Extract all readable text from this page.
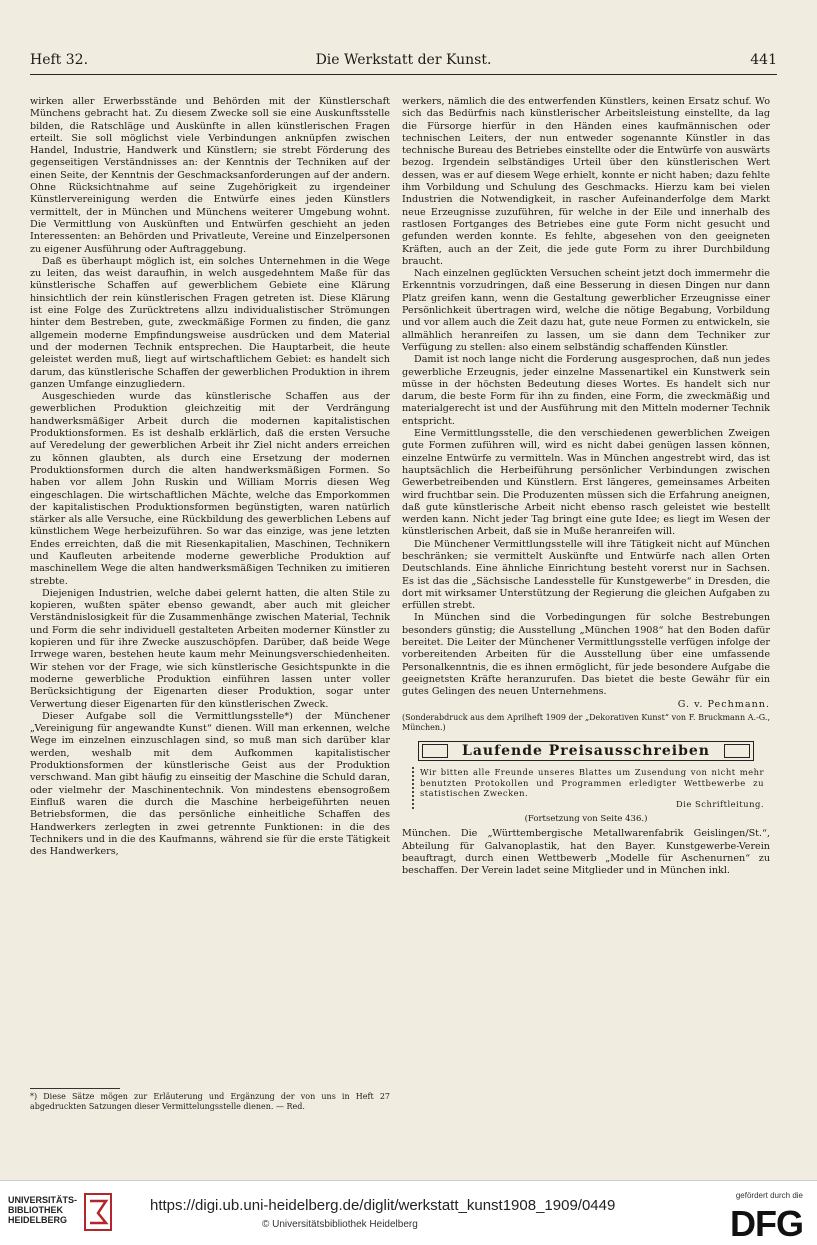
Heft 32.	Die Werkstatt der Kunst.	441

wirken aller Erwerbsstände und Behörden mit der Künstlerschaft Münchens gebracht hat. Zu diesem Zwecke soll sie eine Auskunftsstelle bilden, die Ratschläge und Auskünfte in allen künstlerischen Fragen erteilt. Sie soll möglichst viele Verbindungen anknüpfen zwischen Handel, Industrie, Handwerk und Künstlern; sie strebt Förderung des gegenseitigen Verständnisses an: der Kenntnis der Techniken auf der einen Seite, der Kenntnis der Geschmacksanforderungen auf der andern. Ohne Rücksichtnahme auf seine Zugehörigkeit zu irgendeiner Künstlervereinigung werden die Entwürfe eines jeden Künstlers vermittelt, der in München und Münchens weiterer Umgebung wohnt. Die Vermittlung von Auskünften und Entwürfen geschieht an jeden Interessenten: an Behörden und Privatleute, Vereine und Einzelpersonen zu eigener Ausführung oder Auftraggebung.

Daß es überhaupt möglich ist, ein solches Unternehmen in die Wege zu leiten, das weist daraufhin, in welch ausgedehntem Maße für das künstlerische Schaffen auf gewerblichem Gebiete eine Klärung hinsichtlich der rein künstlerischen Fragen getreten ist. Diese Klärung ist eine Folge des Zurücktretens allzu individualistischer Strömungen hinter dem Bestreben, gute, zweckmäßige Formen zu finden, die ganz allgemein moderne Empfindungsweise ausdrücken und dem Material und der modernen Technik entsprechen. Die Hauptarbeit, die heute geleistet werden muß, liegt auf wirtschaftlichem Gebiet: es handelt sich darum, das künstlerische Schaffen der gewerblichen Produktion in ihrem ganzen Umfange einzugliedern.

Ausgeschieden wurde das künstlerische Schaffen aus der gewerblichen Produktion gleichzeitig mit der Verdrängung handwerksmäßiger Arbeit durch die modernen kapitalistischen Produktionsformen. Es ist deshalb erklärlich, daß die ersten Versuche auf Veredelung der gewerblichen Arbeit ihr Ziel nicht anders erreichen zu können glaubten, als durch eine Ersetzung der modernen Produktionsformen durch die alten handwerksmäßigen Formen. So haben vor allem John Ruskin und William Morris diesen Weg eingeschlagen. Die wirtschaftlichen Mächte, welche das Emporkommen der kapitalistischen Produktionsformen begünstigten, waren natürlich stärker als alle Versuche, eine Rückbildung des gewerblichen Lebens auf künstlichem Wege herbeizuführen. So war das einzige, was jene letzten Endes erreichten, daß die mit Riesenkapitalien, Maschinen, Technikern und Kaufleuten arbeitende moderne gewerbliche Produktion auf maschinellem Wege die alten handwerksmäßigen Techniken zu imitieren strebte.

Diejenigen Industrien, welche dabei gelernt hatten, die alten Stile zu kopieren, wußten später ebenso gewandt, aber auch mit gleicher Verständnislosigkeit für die Zusammenhänge zwischen Material, Technik und Form die sehr individuell gestalteten Arbeiten moderner Künstler zu kopieren und für ihre Zwecke auszuschöpfen. Darüber, daß beide Wege Irrwege waren, bestehen heute kaum mehr Meinungsverschiedenheiten. Wir stehen vor der Frage, wie sich künstlerische Gesichtspunkte in die moderne gewerbliche Produktion einführen lassen unter voller Berücksichtigung der Eigenarten dieser Produktion, sogar unter Verwertung dieser Eigenarten für den künstlerischen Zweck.

Dieser Aufgabe soll die Vermittlungsstelle*) der Münchener „Vereinigung für angewandte Kunst“ dienen. Will man erkennen, welche Wege im einzelnen einzuschlagen sind, so muß man sich darüber klar werden, weshalb mit dem Aufkommen kapitalistischer Produktionsformen der künstlerische Geist aus der Produktion verschwand. Man gibt häufig zu einseitig der Maschine die Schuld daran, oder vielmehr der Maschinentechnik. Von mindestens ebensogroßem Einfluß waren die durch die Maschine herbeigeführten neuen Betriebsformen, die das persönliche einheitliche Schaffen des Handwerkers zerlegten in zwei getrennte Funktionen: in die des Technikers und in die des Kaufmanns, während sie für die erste Tätigkeit des Handwerkers,

*) Diese Sätze mögen zur Erläuterung und Ergänzung der von uns in Heft 27 abgedruckten Satzungen dieser Vermittelungsstelle dienen. — Red.

werkers, nämlich die des entwerfenden Künstlers, keinen Ersatz schuf. Wo sich das Bedürfnis nach künstlerischer Arbeitsleistung einstellte, da lag die Fürsorge hierfür in den Händen eines kaufmännischen oder technischen Leiters, der nun entweder sogenannte Künstler in das technische Bureau des Betriebes einstellte oder die Entwürfe von auswärts bezog. Irgendein selbständiges Urteil über den künstlerischen Wert dessen, was er auf diesem Wege erhielt, konnte er nicht haben; dazu fehlte ihm Vorbildung und Schulung des Geschmacks. Hierzu kam bei vielen Industrien die Notwendigkeit, in rascher Aufeinanderfolge dem Markt neue Erzeugnisse zuzuführen, für welche in der Eile und innerhalb des rastlosen Fortganges des Betriebes eine gute Form nicht gesucht und gefunden werden konnte. Es fehlte, abgesehen von den geeigneten Kräften, auch an der Zeit, die jede gute Form zu ihrer Durchbildung braucht.

Nach einzelnen geglückten Versuchen scheint jetzt doch immermehr die Erkenntnis vorzudringen, daß eine Besserung in diesen Dingen nur dann Platz greifen kann, wenn die Gestaltung gewerblicher Erzeugnisse einer Persönlichkeit übertragen wird, welche die nötige Begabung, Vorbildung und vor allem auch die Zeit dazu hat, gute neue Formen zu entwickeln, sie allmählich heranreifen zu lassen, um sie dann dem Techniker zur Verfügung zu stellen: also einem selbständig schaffenden Künstler.

Damit ist noch lange nicht die Forderung ausgesprochen, daß nun jedes gewerbliche Erzeugnis, jeder einzelne Massenartikel ein Kunstwerk sein müsse in der höchsten Bedeutung dieses Wortes. Es handelt sich nur darum, die beste Form für ihn zu finden, eine Form, die zweckmäßig und materialgerecht ist und der Ausführung mit den Mitteln moderner Technik entspricht.

Eine Vermittlungsstelle, die den verschiedenen gewerblichen Zweigen gute Formen zuführen will, wird es nicht dabei genügen lassen können, einzelne Entwürfe zu vermitteln. Was in München angestrebt wird, das ist hauptsächlich die Herbeiführung persönlicher Verbindungen zwischen Gewerbetreibenden und Künstlern. Erst längeres, gemeinsames Arbeiten wird fruchtbar sein. Die Produzenten müssen sich die Erfahrung aneignen, daß gute künstlerische Arbeit nicht ebenso rasch geleistet wie bestellt werden kann. Nicht jeder Tag bringt eine gute Idee; es liegt im Wesen der künstlerischen Arbeit, daß sie in Muße heranreifen will.

Die Münchener Vermittlungsstelle will ihre Tätigkeit nicht auf München beschränken; sie vermittelt Auskünfte und Entwürfe nach allen Orten Deutschlands. Eine ähnliche Einrichtung besteht vorerst nur in Sachsen. Es ist das die „Sächsische Landesstelle für Kunstgewerbe“ in Dresden, die dort mit wirksamer Unterstützung der Regierung die gleichen Aufgaben zu erfüllen strebt.

In München sind die Vorbedingungen für solche Bestrebungen besonders günstig; die Ausstellung „München 1908“ hat den Boden dafür bereitet. Die Leiter der Münchener Vermittlungsstelle verfügen infolge der vorbereitenden Arbeiten für die Ausstellung über eine umfassende Personalkenntnis, die es ihnen ermöglicht, für jede besondere Aufgabe die geeignetsten Kräfte heranzurufen. Das bietet die beste Gewähr für ein gutes Gelingen des neuen Unternehmens.

G. v. Pechmann.

(Sonderabdruck aus dem Aprilheft 1909 der „Dekorativen Kunst“ von F. Bruckmann A.-G., München.)
Laufende Preisausschreiben
Wir bitten alle Freunde unseres Blattes um Zusendung von nicht mehr benutzten Protokollen und Programmen erledigter Wettbewerbe zu statistischen Zwecken.
Die Schriftleitung.
(Fortsetzung von Seite 436.)

München. Die „Württembergische Metallwarenfabrik Geislingen/St.“, Abteilung für Galvanoplastik, hat den Bayer. Kunstgewerbe-Verein beauftragt, durch einen Wettbewerb „Modelle für Aschenurnen“ zu beschaffen. Der Verein ladet seine Mitglieder und in München inkl.

UNIVERSITÄTS-
BIBLIOTHEK
HEIDELBERG
https://digi.ub.uni-heidelberg.de/diglit/werkstatt_kunst1908_1909/0449
© Universitätsbibliothek Heidelberg
gefördert durch die
DFG
